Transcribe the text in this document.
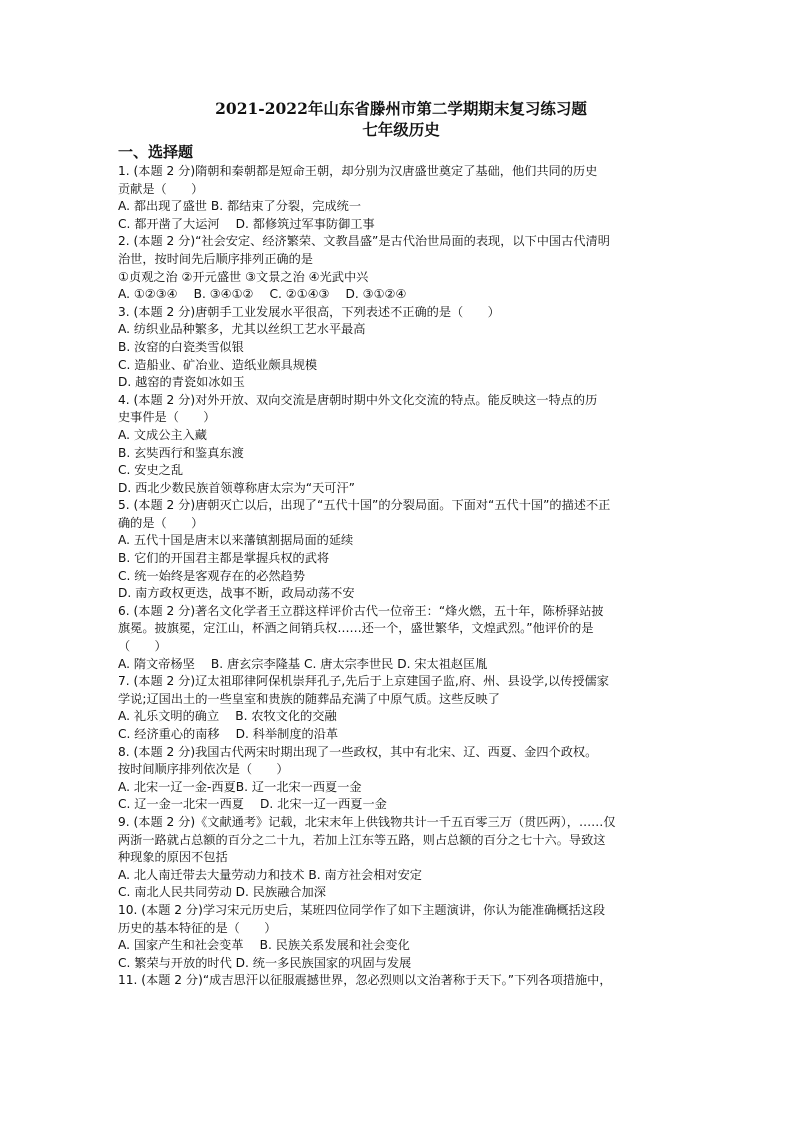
2021-2022年山东省滕州市第二学期期末复习练习题
七年级历史
一、选择题
1. (本题 2 分)隋朝和秦朝都是短命王朝，却分别为汉唐盛世奠定了基础，他们共同的历史
贡献是（　　）
A. 都出现了盛世 B. 都结束了分裂，完成统一
C. 都开凿了大运河　 D. 都修筑过军事防御工事
2. (本题 2 分)“社会安定、经济繁荣、文教昌盛”是古代治世局面的表现，以下中国古代清明
治世，按时间先后顺序排列正确的是
①贞观之治 ②开元盛世 ③文景之治 ④光武中兴
A. ①②③④　 B. ③④①②　 C. ②①④③　 D. ③①②④
3. (本题 2 分)唐朝手工业发展水平很高，下列表述不正确的是（　　）
A. 纺织业品种繁多，尤其以丝织工艺水平最高
B. 汝窑的白瓷类雪似银
C. 造船业、矿冶业、造纸业颇具规模
D. 越窑的青瓷如冰如玉
4. (本题 2 分)对外开放、双向交流是唐朝时期中外文化交流的特点。能反映这一特点的历
史事件是（　　）
A. 文成公主入藏
B. 玄奘西行和鉴真东渡
C. 安史之乱
D. 西北少数民族首领尊称唐太宗为“天可汗”
5. (本题 2 分)唐朝灭亡以后，出现了“五代十国”的分裂局面。下面对“五代十国”的描述不正
确的是（　　）
A. 五代十国是唐末以来藩镇割据局面的延续
B. 它们的开国君主都是掌握兵权的武将
C. 统一始终是客观存在的必然趋势
D. 南方政权更迭，战事不断，政局动荡不安
6. (本题 2 分)著名文化学者王立群这样评价古代一位帝王：“烽火燃，五十年，陈桥驿站披
旗冕。披旗冕，定江山，杯酒之间销兵权……还一个，盛世繁华，文煌武烈。”他评价的是
（　　）
A. 隋文帝杨坚　 B. 唐玄宗李隆基 C. 唐太宗李世民 D. 宋太祖赵匡胤
7. (本题 2 分)辽太祖耶律阿保机崇拜孔子,先后于上京建国子监,府、州、县设学,以传授儒家
学说;辽国出土的一些皇室和贵族的随葬品充满了中原气质。这些反映了
A. 礼乐文明的确立　 B. 农牧文化的交融
C. 经济重心的南移　 D. 科举制度的沿革
8. (本题 2 分)我国古代两宋时期出现了一些政权，其中有北宋、辽、西夏、金四个政权。
按时间顺序排列依次是（　　）
A. 北宋一辽一金-西夏B. 辽一北宋一西夏一金
C. 辽一金一北宋一西夏　 D. 北宋一辽一西夏一金
9. (本题 2 分)《文献通考》记载，北宋末年上供钱物共计一千五百零三万（贯匹两），……仅
两浙一路就占总额的百分之二十九，若加上江东等五路，则占总额的百分之七十六。导致这
种现象的原因不包括
A. 北人南迁带去大量劳动力和技术 B. 南方社会相对安定
C. 南北人民共同劳动 D. 民族融合加深
10. (本题 2 分)学习宋元历史后，某班四位同学作了如下主题演讲，你认为能准确概括这段
历史的基本特征的是（　　）
A. 国家产生和社会变革　 B. 民族关系发展和社会变化
C. 繁荣与开放的时代 D. 统一多民族国家的巩固与发展
11. (本题 2 分)“成吉思汗以征服震撼世界，忽必烈则以文治著称于天下。”下列各项措施中，
